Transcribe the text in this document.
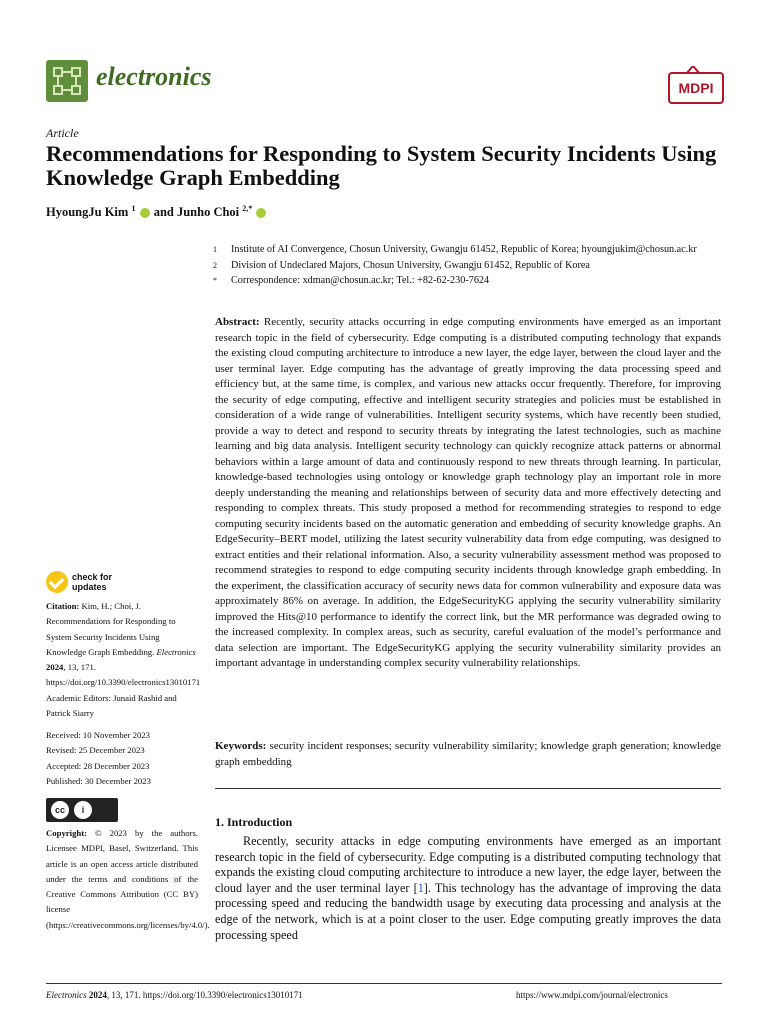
electronics	MDPI
Article
Recommendations for Responding to System Security Incidents Using Knowledge Graph Embedding
HyoungJu Kim $^1$ and Junho Choi $^{2,*}$
1	Institute of AI Convergence, Chosun University, Gwangju 61452, Republic of Korea; hyoungjukim@chosun.ac.kr
2	Division of Undeclared Majors, Chosun University, Gwangju 61452, Republic of Korea
*	Correspondence: xdman@chosun.ac.kr; Tel.: +82-62-230-7624
Abstract: Recently, security attacks occurring in edge computing environments have emerged as an important research topic in the field of cybersecurity. Edge computing is a distributed computing technology that expands the existing cloud computing architecture to introduce a new layer, the edge layer, between the cloud layer and the user terminal layer. Edge computing has the advantage of greatly improving the data processing speed and efficiency but, at the same time, is complex, and various new attacks occur frequently. Therefore, for improving the security of edge computing, effective and intelligent security strategies and policies must be established in consideration of a wide range of vulnerabilities. Intelligent security systems, which have recently been studied, provide a way to detect and respond to security threats by integrating the latest technologies, such as machine learning and big data analysis. Intelligent security technology can quickly recognize attack patterns or abnormal behaviors within a large amount of data and continuously respond to new threats through learning. In particular, knowledge-based technologies using ontology or knowledge graph technology play an important role in more deeply understanding the meaning and relationships between of security data and more effectively detecting and responding to complex threats. This study proposed a method for recommending strategies to respond to edge computing security incidents based on the automatic generation and embedding of security knowledge graphs. An EdgeSecurity–BERT model, utilizing the latest security vulnerability data from edge computing, was designed to extract entities and their relational information. Also, a security vulnerability assessment method was proposed to recommend strategies to respond to edge computing security incidents through knowledge graph embedding. In the experiment, the classification accuracy of security news data for common vulnerability and exposure data was approximately 86% on average. In addition, the EdgeSecurityKG applying the security vulnerability similarity improved the Hits@10 performance to identify the correct link, but the MR performance was degraded owing to the increased complexity. In complex areas, such as security, careful evaluation of the model’s performance and data selection are important. The EdgeSecurityKG applying the security vulnerability similarity provides an important advantage in understanding complex security vulnerability relationships.
Keywords: security incident responses; security vulnerability similarity; knowledge graph generation; knowledge graph embedding
1. Introduction

Recently, security attacks in edge computing environments have emerged as an important research topic in the field of cybersecurity. Edge computing is a distributed computing technology that expands the existing cloud computing architecture to introduce a new layer, the edge layer, between the cloud layer and the user terminal layer [1]. This technology has the advantage of improving the data processing speed and reducing the bandwidth usage by executing data processing and analysis at the edge of the network, which is at a point closer to the user. Edge computing greatly improves the data processing speed

check for
updates
Citation: Kim, H.; Choi, J. Recommendations for Responding to System Security Incidents Using Knowledge Graph Embedding. Electronics 2024, 13, 171. https://doi.org/10.3390/electronics13010171
Academic Editors: Junaid Rashid and Patrick Siarry
Received: 10 November 2023
Revised: 25 December 2023
Accepted: 28 December 2023
Published: 30 December 2023
cc	i
Copyright: © 2023 by the authors. Licensee MDPI, Basel, Switzerland. This article is an open access article distributed under the terms and conditions of the Creative Commons Attribution (CC BY) license (https://creativecommons.org/licenses/by/4.0/).
Electronics 2024, 13, 171. https://doi.org/10.3390/electronics13010171	https://www.mdpi.com/journal/electronics
